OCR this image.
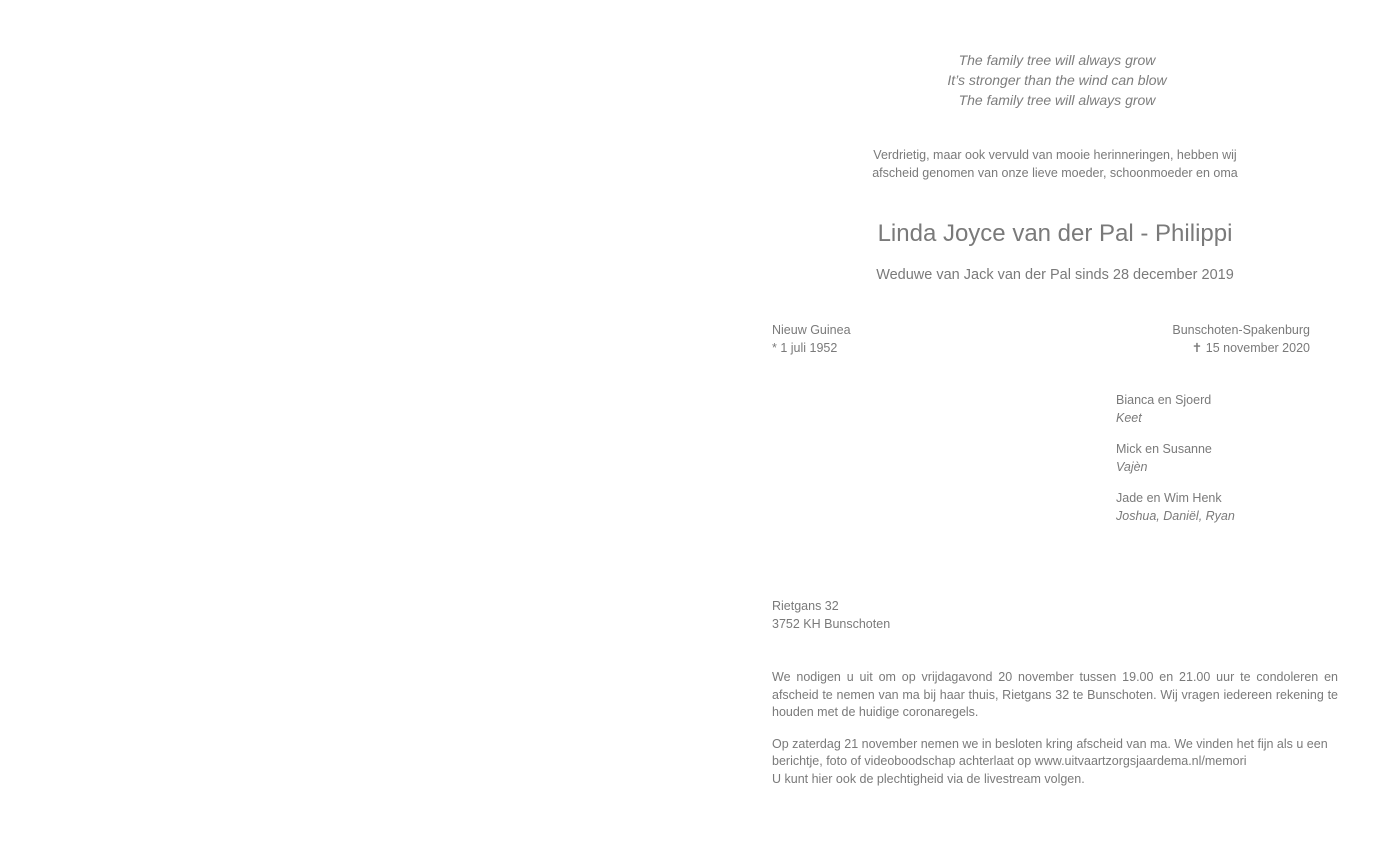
The family tree will always grow
It’s stronger than the wind can blow
The family tree will always grow
Verdrietig, maar ook vervuld van mooie herinneringen, hebben wij
afscheid genomen van onze lieve moeder, schoonmoeder en oma
Linda Joyce van der Pal - Philippi
Weduwe van Jack van der Pal sinds 28 december 2019
Nieuw Guinea
* 1 juli 1952
Bunschoten-Spakenburg
✝ 15 november 2020
Bianca en Sjoerd
Keet
Mick en Susanne
Vajèn
Jade en Wim Henk
Joshua, Daniël, Ryan
Rietgans 32
3752 KH Bunschoten

We nodigen u uit om op vrijdagavond 20 november tussen 19.00 en 21.00 uur te condoleren en afscheid te nemen van ma bij haar thuis, Rietgans 32 te Bunschoten. Wij vragen iedereen rekening te houden met de huidige coronaregels.

Op zaterdag 21 november nemen we in besloten kring afscheid van ma. We vinden het fijn als u een berichtje, foto of videoboodschap achterlaat op www.uitvaartzorgsjaardema.nl/memori
U kunt hier ook de plechtigheid via de livestream volgen.
